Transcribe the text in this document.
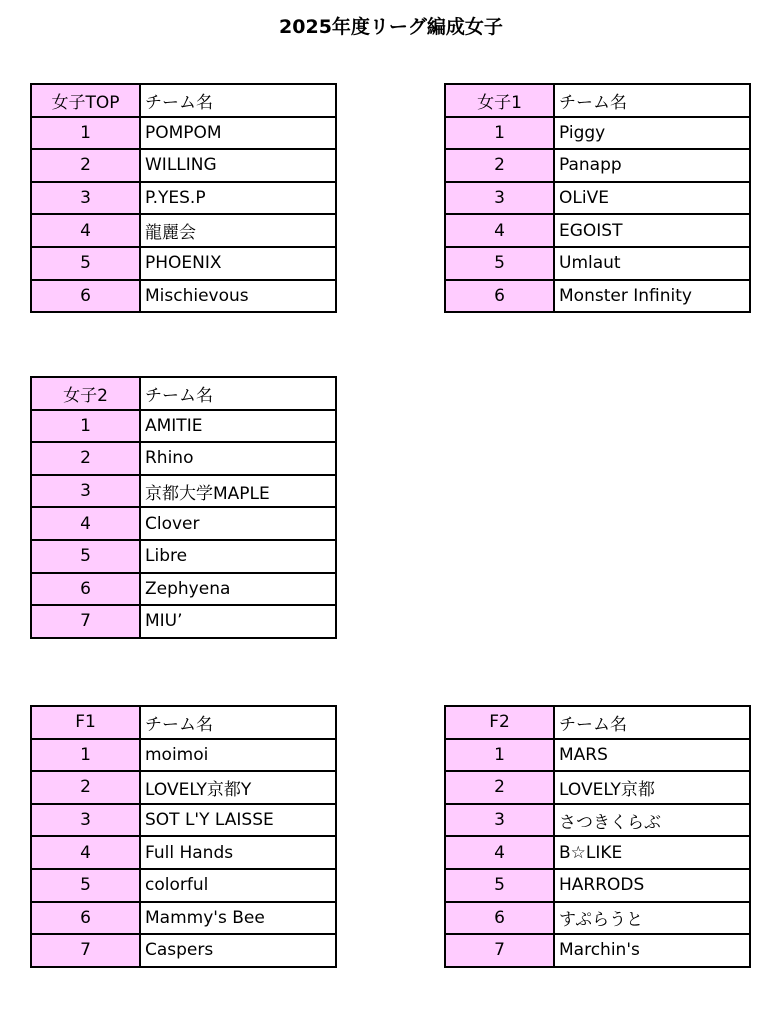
2025年度リーグ編成女子
女子TOP	チーム名
1	POMPOM
2	WILLING
3	P.YES.P
4	龍麗会
5	PHOENIX
6	Mischievous
女子1	チーム名
1	Piggy
2	Panapp
3	OLiVE
4	EGOIST
5	Umlaut
6	Monster Infinity
女子2	チーム名
1	AMITIE
2	Rhino
3	京都大学MAPLE
4	Clover
5	Libre
6	Zephyena
7	MIU’
F1	チーム名
1	moimoi
2	LOVELY京都Y
3	SOT L'Y LAISSE
4	Full Hands
5	colorful
6	Mammy's Bee
7	Caspers
F2	チーム名
1	MARS
2	LOVELY京都
3	さつきくらぶ
4	B☆LIKE
5	HARRODS
6	すぷらうと
7	Marchin's
